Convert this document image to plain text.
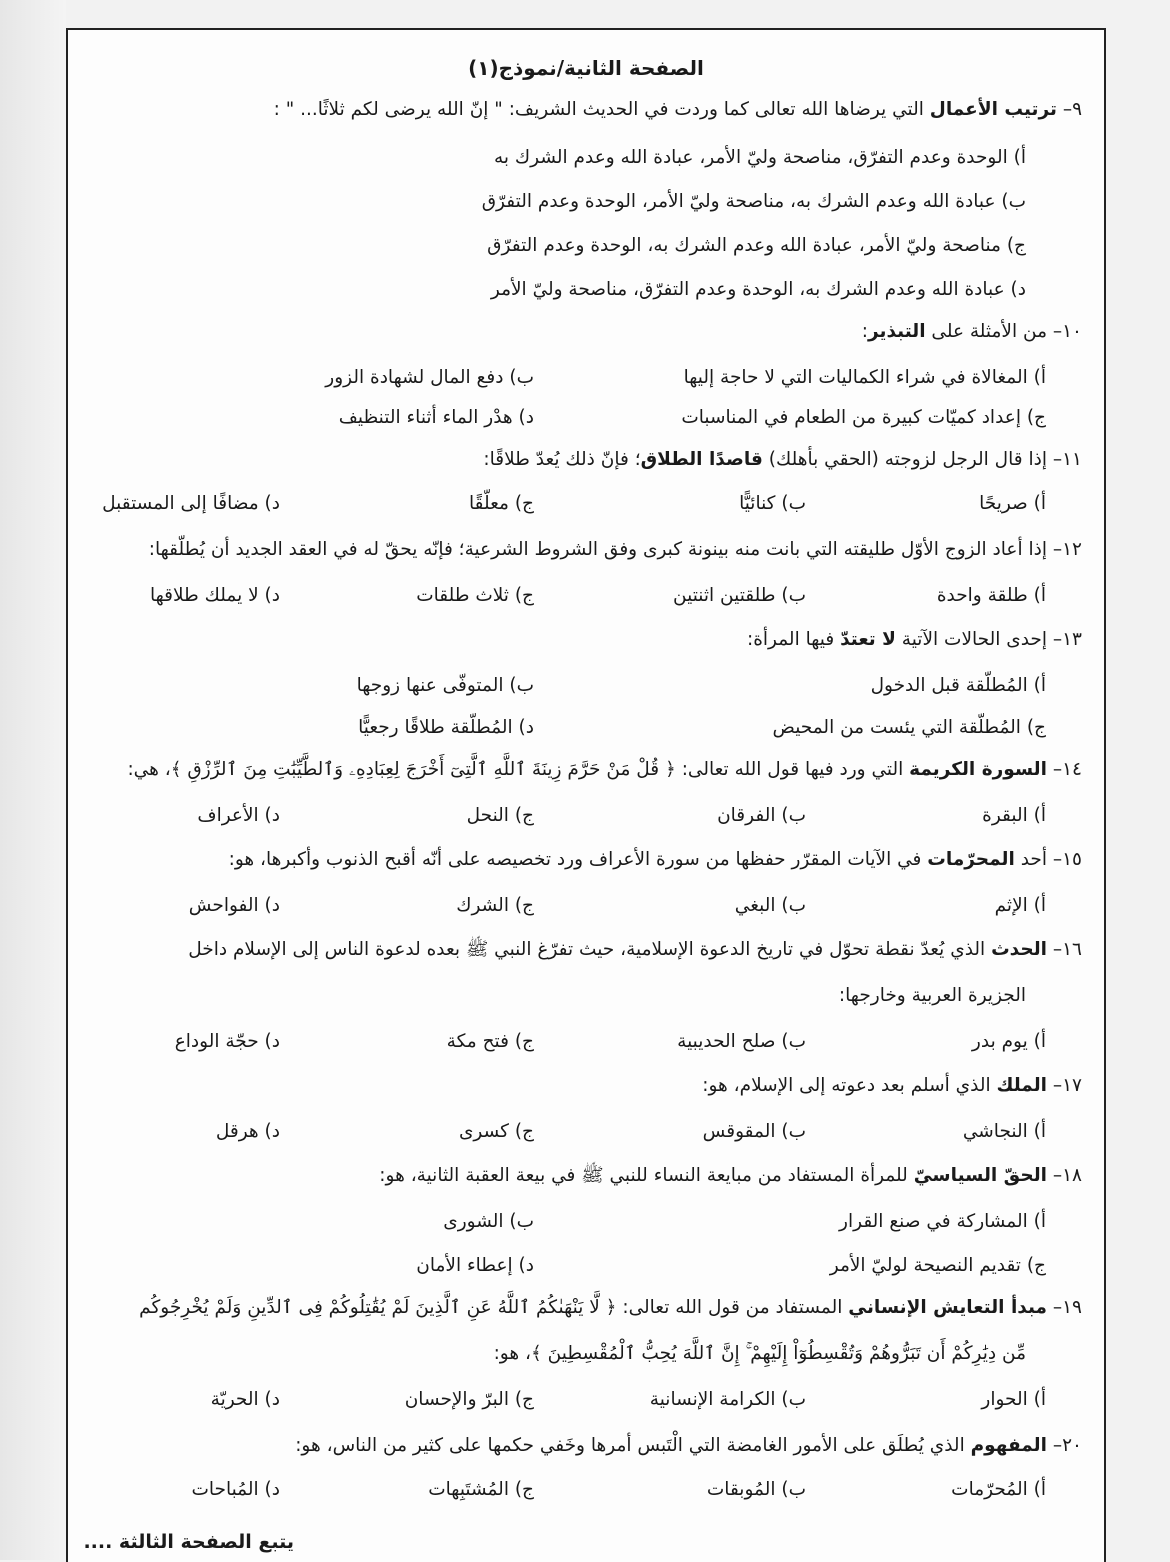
الصفحة الثانية/نموذج(١)
٩– ترتيب الأعمال التي يرضاها الله تعالى كما وردت في الحديث الشريف: " إنّ الله يرضى لكم ثلاثًا... " :
أ) الوحدة وعدم التفرّق، مناصحة وليّ الأمر، عبادة الله وعدم الشرك به
ب) عبادة الله وعدم الشرك به، مناصحة وليّ الأمر، الوحدة وعدم التفرّق
ج) مناصحة وليّ الأمر، عبادة الله وعدم الشرك به، الوحدة وعدم التفرّق
د) عبادة الله وعدم الشرك به، الوحدة وعدم التفرّق، مناصحة وليّ الأمر
١٠– من الأمثلة على التبذير:
أ) المغالاة في شراء الكماليات التي لا حاجة إليها
ب) دفع المال لشهادة الزور
ج) إعداد كميّات كبيرة من الطعام في المناسبات
د) هدْر الماء أثناء التنظيف
١١– إذا قال الرجل لزوجته (الحقي بأهلك) قاصدًا الطلاق؛ فإنّ ذلك يُعدّ طلاقًا:
أ) صريحًا
ب) كنائيًّا
ج) معلّقًا
د) مضافًا إلى المستقبل
١٢– إذا أعاد الزوج الأوّل طليقته التي بانت منه بينونة كبرى وفق الشروط الشرعية؛ فإنّه يحقّ له في العقد الجديد أن يُطلّقها:
أ) طلقة واحدة
ب) طلقتين اثنتين
ج) ثلاث طلقات
د) لا يملك طلاقها
١٣– إحدى الحالات الآتية لا تعتدّ فيها المرأة:
أ) المُطلّقة قبل الدخول
ب) المتوفّى عنها زوجها
ج) المُطلّقة التي يئست من المحيض
د) المُطلّقة طلاقًا رجعيًّا
١٤– السورة الكريمة التي ورد فيها قول الله تعالى: ﴿ قُلْ مَنْ حَرَّمَ زِينَةَ ٱللَّهِ ٱلَّتِىٓ أَخْرَجَ لِعِبَادِهِۦ وَٱلطَّيِّبَٰتِ مِنَ ٱلرِّزْقِ ﴾، هي:
أ) البقرة
ب) الفرقان
ج) النحل
د) الأعراف
١٥– أحد المحرّمات في الآيات المقرّر حفظها من سورة الأعراف ورد تخصيصه على أنّه أقبح الذنوب وأكبرها، هو:
أ) الإثم
ب) البغي
ج) الشرك
د) الفواحش
١٦– الحدث الذي يُعدّ نقطة تحوّل في تاريخ الدعوة الإسلامية، حيث تفرّغ النبي ﷺ بعده لدعوة الناس إلى الإسلام داخل
الجزيرة العربية وخارجها:
أ) يوم بدر
ب) صلح الحديبية
ج) فتح مكة
د) حجّة الوداع
١٧– الملك الذي أسلم بعد دعوته إلى الإسلام، هو:
أ) النجاشي
ب) المقوقس
ج) كسرى
د) هرقل
١٨– الحقّ السياسيّ للمرأة المستفاد من مبايعة النساء للنبي ﷺ في بيعة العقبة الثانية، هو:
أ) المشاركة في صنع القرار
ب) الشورى
ج) تقديم النصيحة لوليّ الأمر
د) إعطاء الأمان
١٩– مبدأ التعايش الإنساني المستفاد من قول الله تعالى: ﴿ لَّا يَنْهَىٰكُمُ ٱللَّهُ عَنِ ٱلَّذِينَ لَمْ يُقَٰتِلُوكُمْ فِى ٱلدِّينِ وَلَمْ يُخْرِجُوكُم
مِّن دِيَٰرِكُمْ أَن تَبَرُّوهُمْ وَتُقْسِطُوٓاْ إِلَيْهِمْ ۚ إِنَّ ٱللَّهَ يُحِبُّ ٱلْمُقْسِطِينَ ﴾، هو:
أ) الحوار
ب) الكرامة الإنسانية
ج) البرّ والإحسان
د) الحريّة
٢٠– المفهوم الذي يُطلَق على الأمور الغامضة التي الْتَبس أمرها وخَفي حكمها على كثير من الناس، هو:
أ) المُحرّمات
ب) المُوبقات
ج) المُشتَبِهات
د) المُباحات
يتبع الصفحة الثالثة ....
